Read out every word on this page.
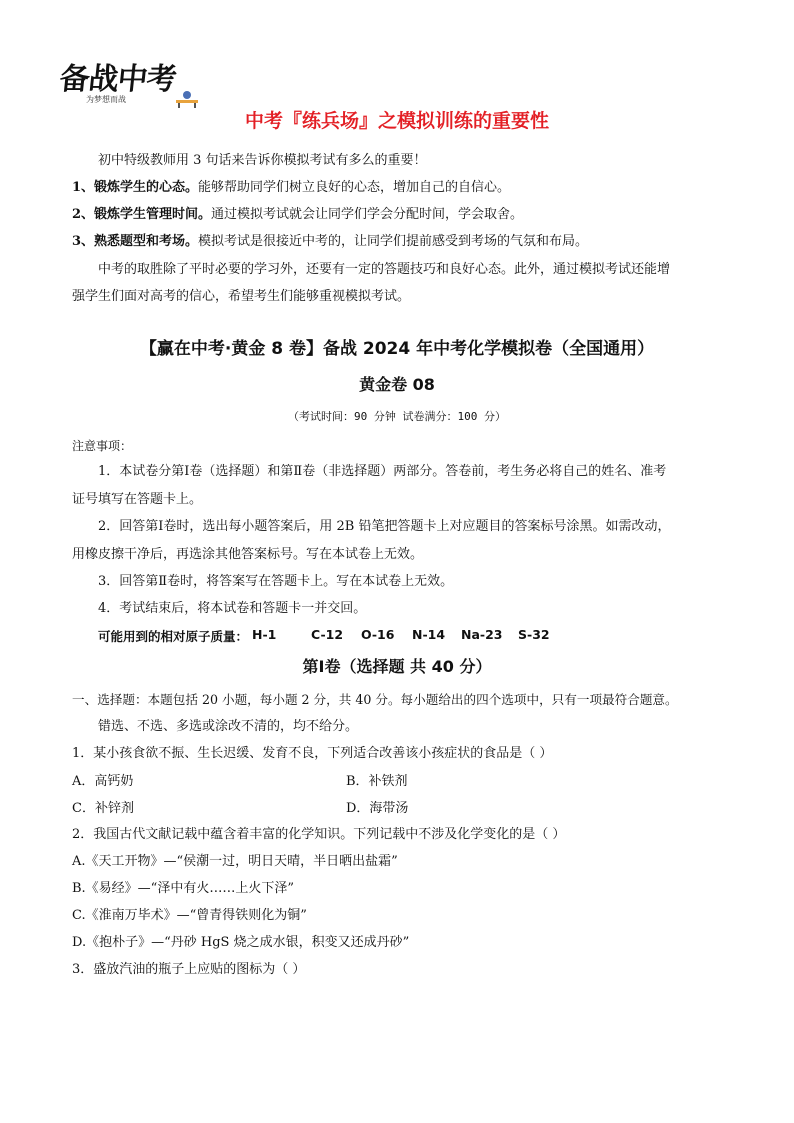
备战中考
为梦想而战
中考『练兵场』之模拟训练的重要性
初中特级教师用 3 句话来告诉你模拟考试有多么的重要！
1、锻炼学生的心态。能够帮助同学们树立良好的心态，增加自己的自信心。
2、锻炼学生管理时间。通过模拟考试就会让同学们学会分配时间，学会取舍。
3、熟悉题型和考场。模拟考试是很接近中考的，让同学们提前感受到考场的气氛和布局。
中考的取胜除了平时必要的学习外，还要有一定的答题技巧和良好心态。此外，通过模拟考试还能增
强学生们面对高考的信心，希望考生们能够重视模拟考试。
【赢在中考·黄金 8 卷】备战 2024 年中考化学模拟卷（全国通用）
黄金卷 08
（考试时间：90 分钟 试卷满分：100 分）
注意事项：
1．本试卷分第Ⅰ卷（选择题）和第Ⅱ卷（非选择题）两部分。答卷前，考生务必将自己的姓名、准考
证号填写在答题卡上。
2．回答第Ⅰ卷时，选出每小题答案后，用 2B 铅笔把答题卡上对应题目的答案标号涂黑。如需改动，
用橡皮擦干净后，再选涂其他答案标号。写在本试卷上无效。
3．回答第Ⅱ卷时，将答案写在答题卡上。写在本试卷上无效。
4．考试结束后，将本试卷和答题卡一并交回。
可能用到的相对原子质量： H-1	C-12 O-16 N-14 Na-23 S-32
第Ⅰ卷（选择题 共 40 分）
一、选择题：本题包括 20 小题，每小题 2 分，共 40 分。每小题给出的四个选项中，只有一项最符合题意。
错选、不选、多选或涂改不清的，均不给分。
1．某小孩食欲不振、生长迟缓、发育不良，下列适合改善该小孩症状的食品是（ ）
A．高钙奶	B．补铁剂
C．补锌剂	D．海带汤
2．我国古代文献记载中蕴含着丰富的化学知识。下列记载中不涉及化学变化的是（ ）
A.《天工开物》—“侯潮一过，明日天晴，半日晒出盐霜”
B.《易经》—“泽中有火……上火下泽”
C.《淮南万毕术》—“曾青得铁则化为铜”
D.《抱朴子》—“丹砂 HgS 烧之成水银，积变又还成丹砂”
3．盛放汽油的瓶子上应贴的图标为（ ）
